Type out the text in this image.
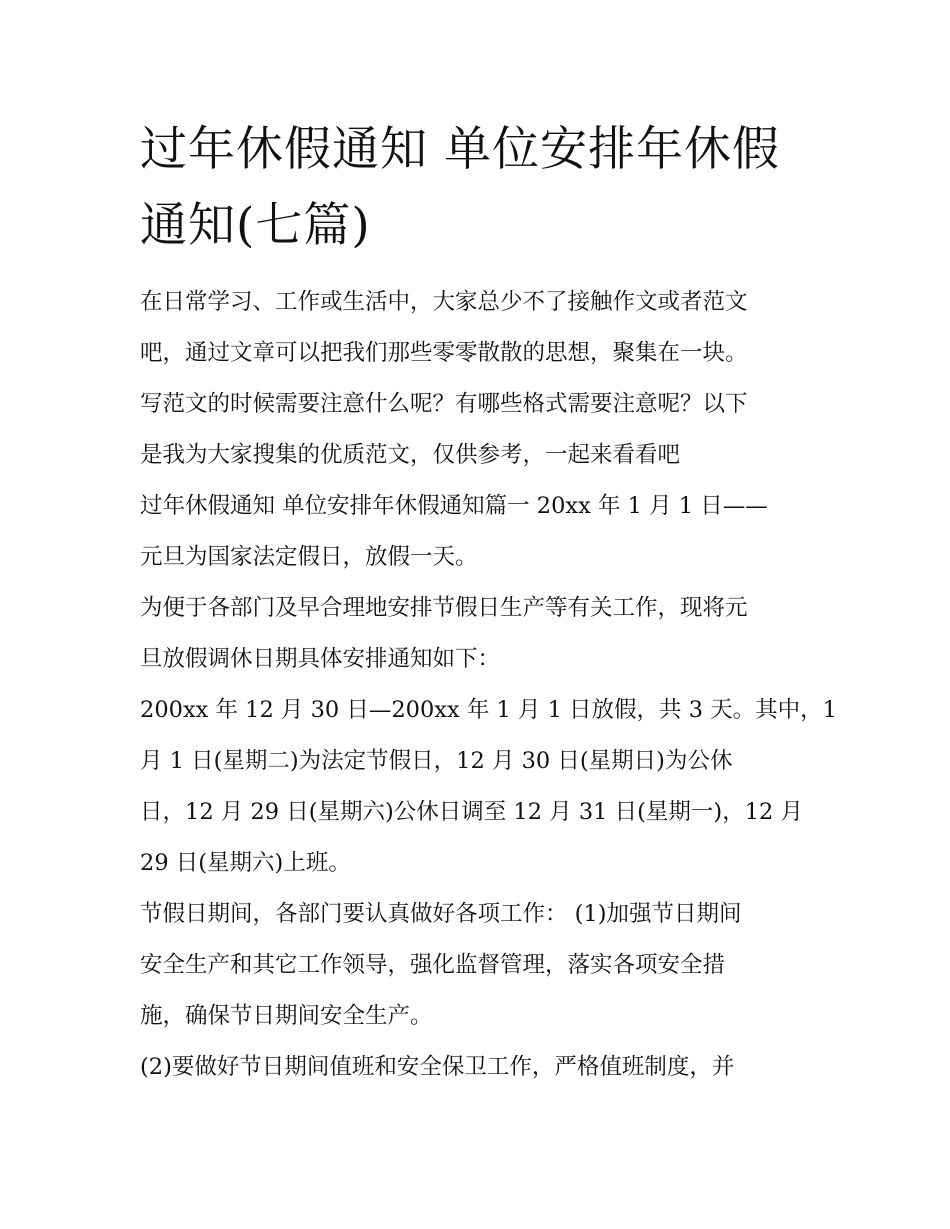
过年休假通知 单位安排年休假
通知(七篇)
在日常学习、工作或生活中，大家总少不了接触作文或者范文
吧，通过文章可以把我们那些零零散散的思想，聚集在一块。
写范文的时候需要注意什么呢？有哪些格式需要注意呢？以下
是我为大家搜集的优质范文，仅供参考，一起来看看吧
过年休假通知 单位安排年休假通知篇一 20xx 年 1 月 1 日——
元旦为国家法定假日，放假一天。
为便于各部门及早合理地安排节假日生产等有关工作，现将元
旦放假调休日期具体安排通知如下：
200xx 年 12 月 30 日—200xx 年 1 月 1 日放假，共 3 天。其中，1
月 1 日(星期二)为法定节假日，12 月 30 日(星期日)为公休
日，12 月 29 日(星期六)公休日调至 12 月 31 日(星期一)，12 月
29 日(星期六)上班。
节假日期间，各部门要认真做好各项工作： (1)加强节日期间
安全生产和其它工作领导，强化监督管理，落实各项安全措
施，确保节日期间安全生产。
(2)要做好节日期间值班和安全保卫工作，严格值班制度，并
